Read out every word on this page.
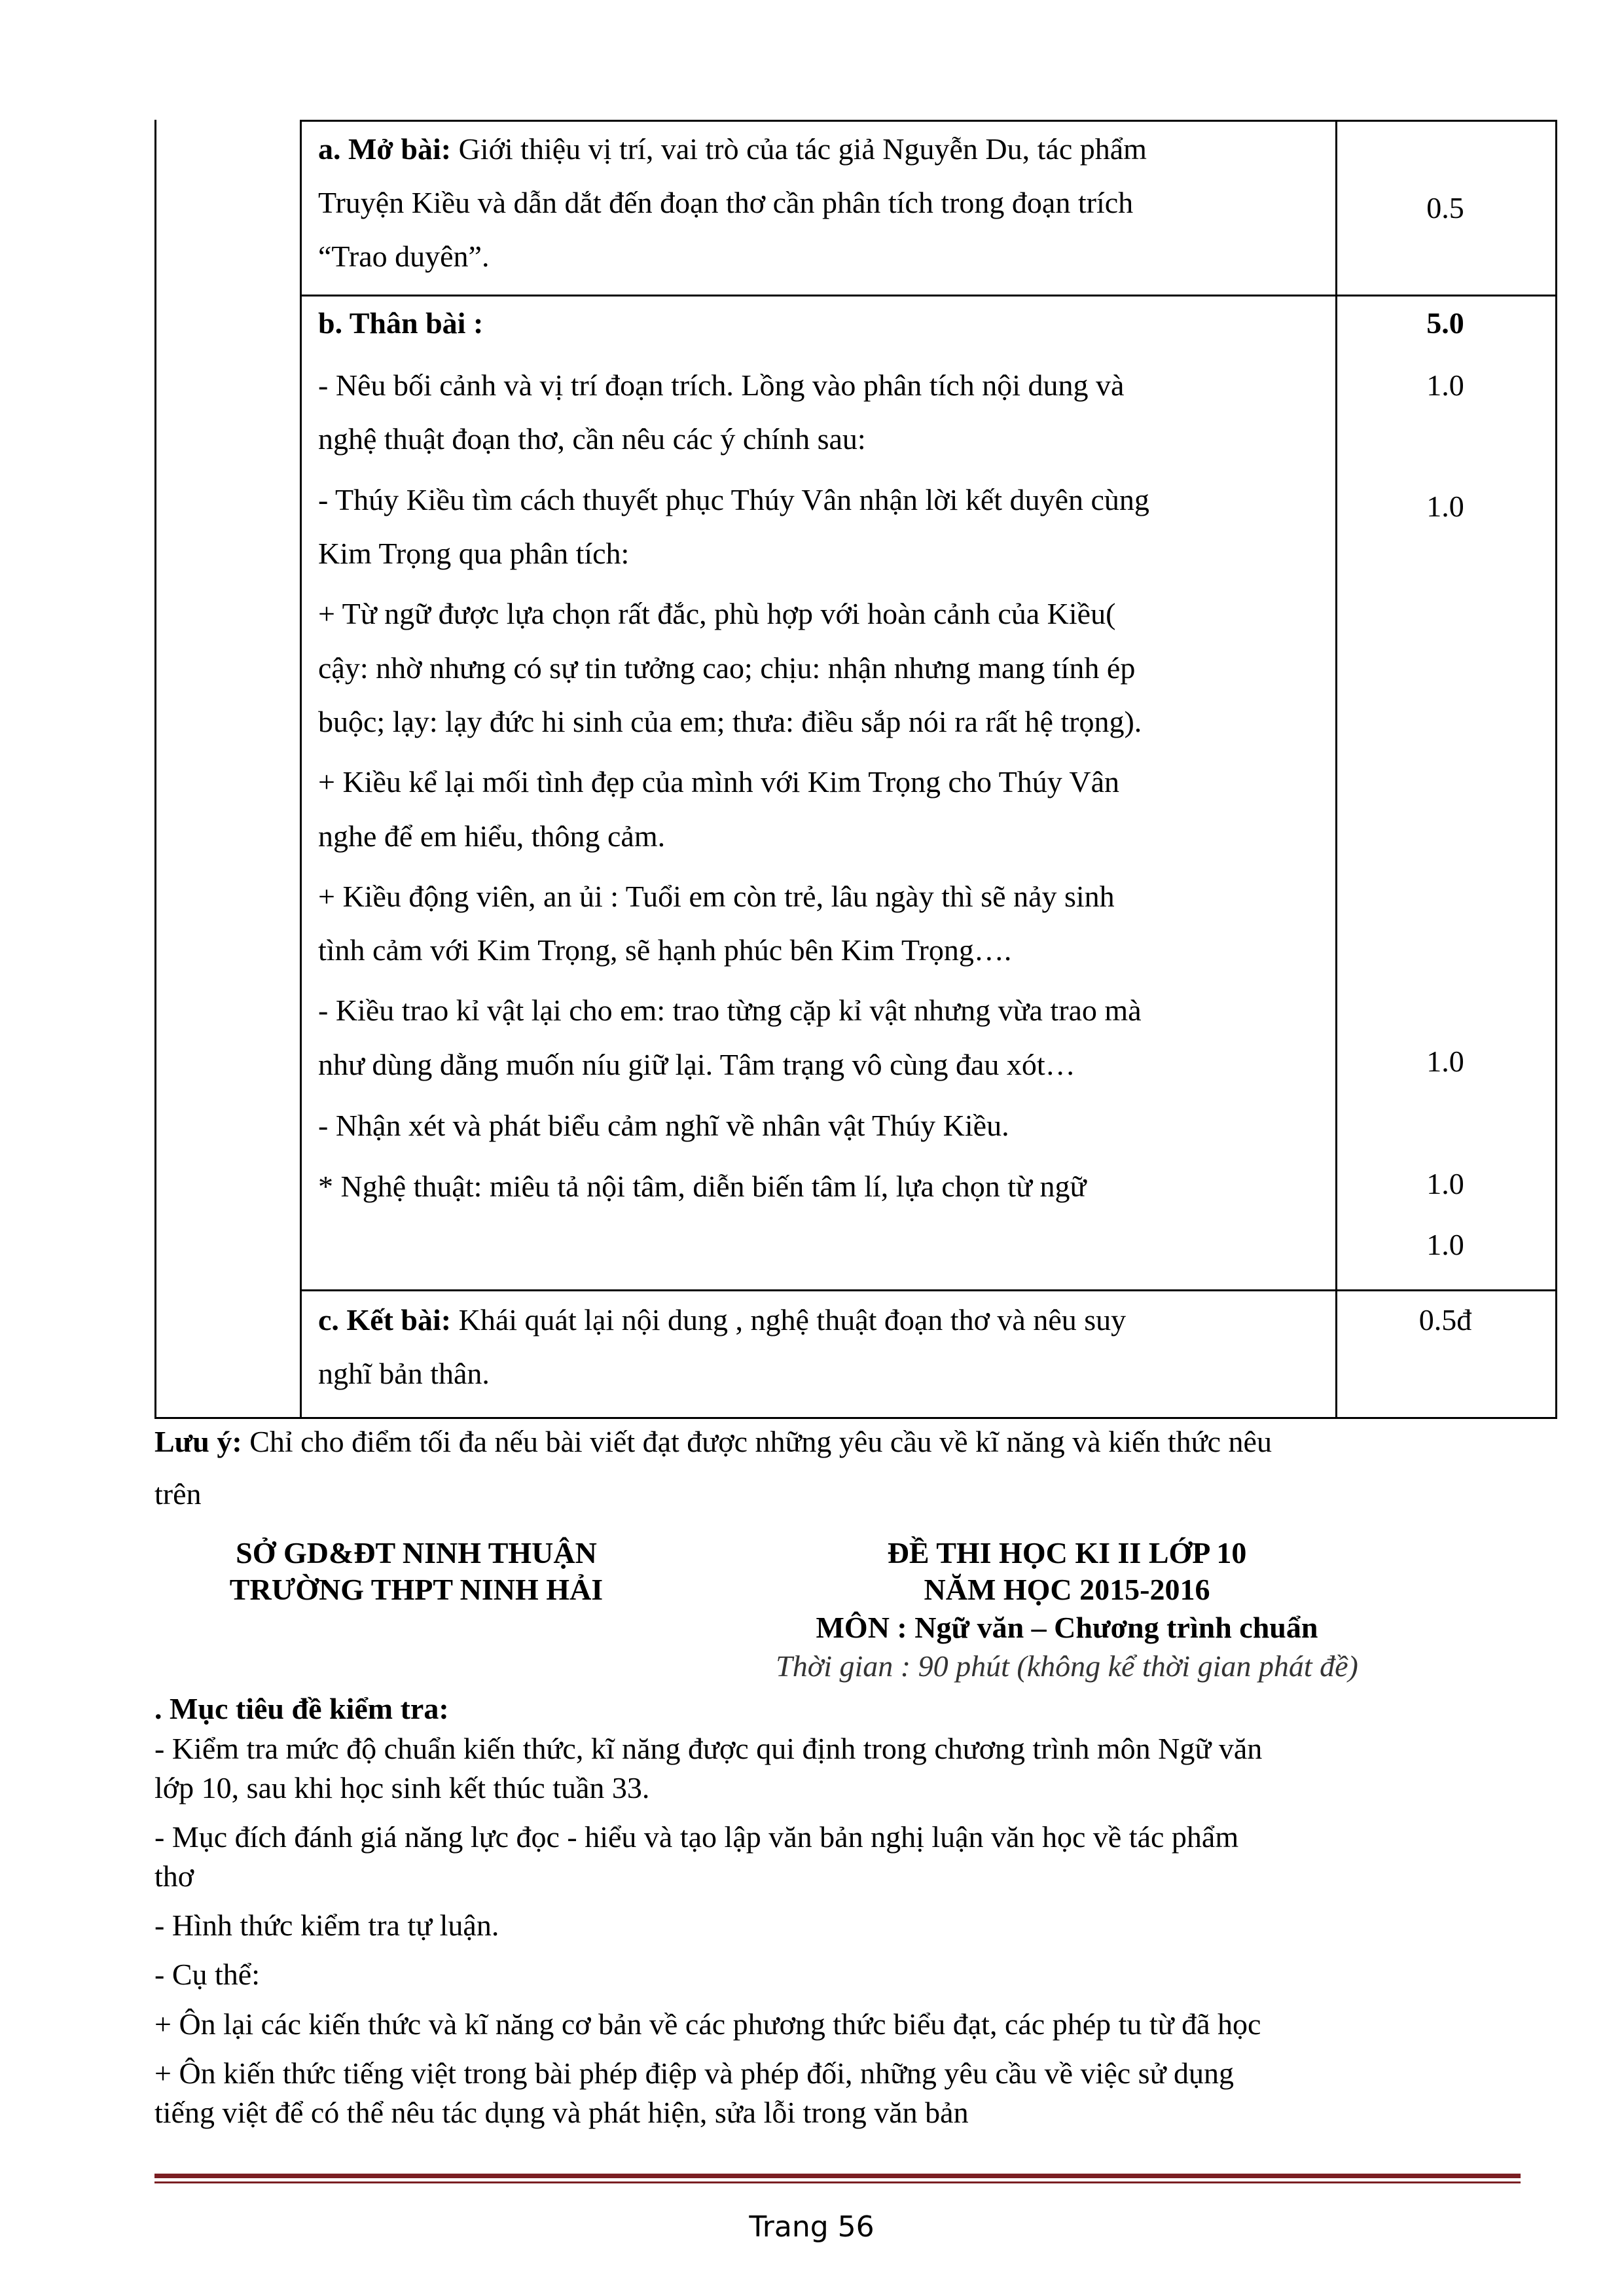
a. Mở bài: Giới thiệu vị trí, vai trò của tác giả Nguyễn Du, tác phẩm
Truyện Kiều và dẫn dắt đến đoạn thơ cần phân tích trong đoạn trích
“Trao duyên”.
0.5
b. Thân bài :	5.0
- Nêu bối cảnh và vị trí đoạn trích. Lồng vào phân tích nội dung và
nghệ thuật đoạn thơ, cần nêu các ý chính sau:
- Thúy Kiều tìm cách thuyết phục Thúy Vân nhận lời kết duyên cùng
Kim Trọng qua phân tích:
+ Từ ngữ được lựa chọn rất đắc, phù hợp với hoàn cảnh của Kiều(
cậy: nhờ nhưng có sự tin tưởng cao; chịu: nhận nhưng mang tính ép
buộc; lạy: lạy đức hi sinh của em; thưa: điều sắp nói ra rất hệ trọng).
+ Kiều kể lại mối tình đẹp của mình với Kim Trọng cho Thúy Vân
nghe để em hiểu, thông cảm.
+ Kiều động viên, an ủi : Tuổi em còn trẻ, lâu ngày thì sẽ nảy sinh
tình cảm với Kim Trọng, sẽ hạnh phúc bên Kim Trọng….
- Kiều trao kỉ vật lại cho em: trao từng cặp kỉ vật nhưng vừa trao mà
như dùng dằng muốn níu giữ lại. Tâm trạng vô cùng đau xót…
- Nhận xét và phát biểu cảm nghĩ về nhân vật Thúy Kiều.
* Nghệ thuật: miêu tả nội tâm, diễn biến tâm lí, lựa chọn từ ngữ
1.0
1.0
1.0
1.0
1.0
c. Kết bài: Khái quát lại nội dung , nghệ thuật đoạn thơ và nêu suy
nghĩ bản thân.
0.5đ
Lưu ý: Chỉ cho điểm tối đa nếu bài viết đạt được những yêu cầu về kĩ năng và kiến thức nêu
trên
SỞ GD&ĐT NINH THUẬN
TRƯỜNG THPT NINH HẢI
ĐỀ THI HỌC KI II LỚP 10
NĂM HỌC 2015-2016
MÔN : Ngữ văn – Chương trình chuẩn
Thời gian : 90 phút (không kể thời gian phát đề)
. Mục tiêu đề kiểm tra:
- Kiểm tra mức độ chuẩn kiến thức, kĩ năng được qui định trong chương trình môn Ngữ văn
lớp 10, sau khi học sinh kết thúc tuần 33.
- Mục đích đánh giá năng lực đọc - hiểu và tạo lập văn bản nghị luận văn học về tác phẩm
thơ
- Hình thức kiểm tra tự luận.
- Cụ thể:
+ Ôn lại các kiến thức và kĩ năng cơ bản về các phương thức biểu đạt, các phép tu từ đã học
+ Ôn kiến thức tiếng việt trong bài phép điệp và phép đối, những yêu cầu về việc sử dụng
tiếng việt để có thể nêu tác dụng và phát hiện, sửa lỗi trong văn bản
Trang 56
